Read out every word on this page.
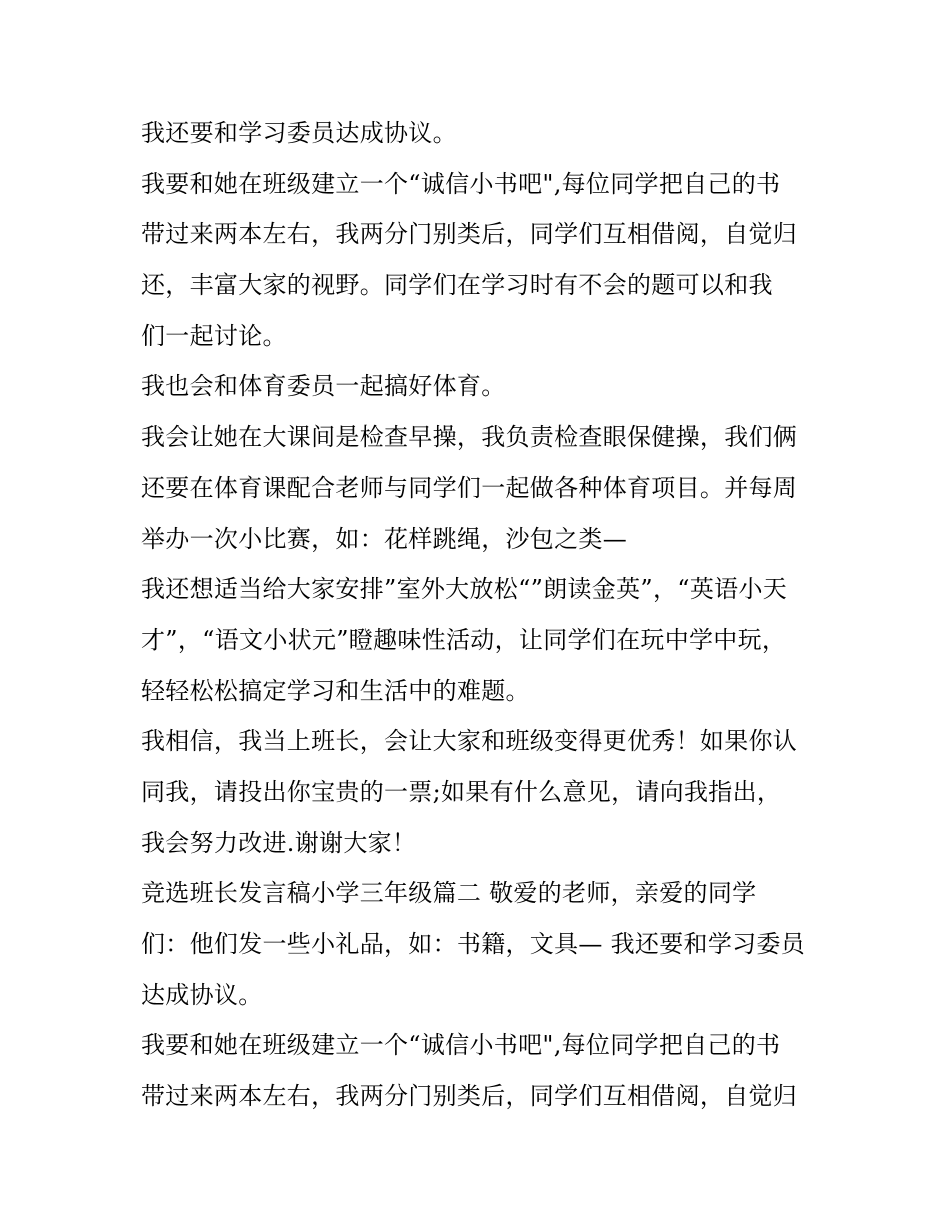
我还要和学习委员达成协议。
我要和她在班级建立一个“诚信小书吧",每位同学把自己的书
带过来两本左右，我两分门别类后，同学们互相借阅，自觉归
还，丰富大家的视野。同学们在学习时有不会的题可以和我
们一起讨论。
我也会和体育委员一起搞好体育。
我会让她在大课间是检查早操，我负责检查眼保健操，我们俩
还要在体育课配合老师与同学们一起做各种体育项目。并每周
举办一次小比赛，如：花样跳绳，沙包之类—
我还想适当给大家安排”室外大放松“”朗读金英”，“英语小天
才”，“语文小状元”瞪趣味性活动，让同学们在玩中学中玩，
轻轻松松搞定学习和生活中的难题。
我相信，我当上班长，会让大家和班级变得更优秀！如果你认
同我，请投出你宝贵的一票;如果有什么意见，请向我指出，
我会努力改进.谢谢大家！
竞选班长发言稿小学三年级篇二 敬爱的老师，亲爱的同学
们：他们发一些小礼品，如：书籍，文具— 我还要和学习委员
达成协议。
我要和她在班级建立一个“诚信小书吧",每位同学把自己的书
带过来两本左右，我两分门别类后，同学们互相借阅，自觉归
